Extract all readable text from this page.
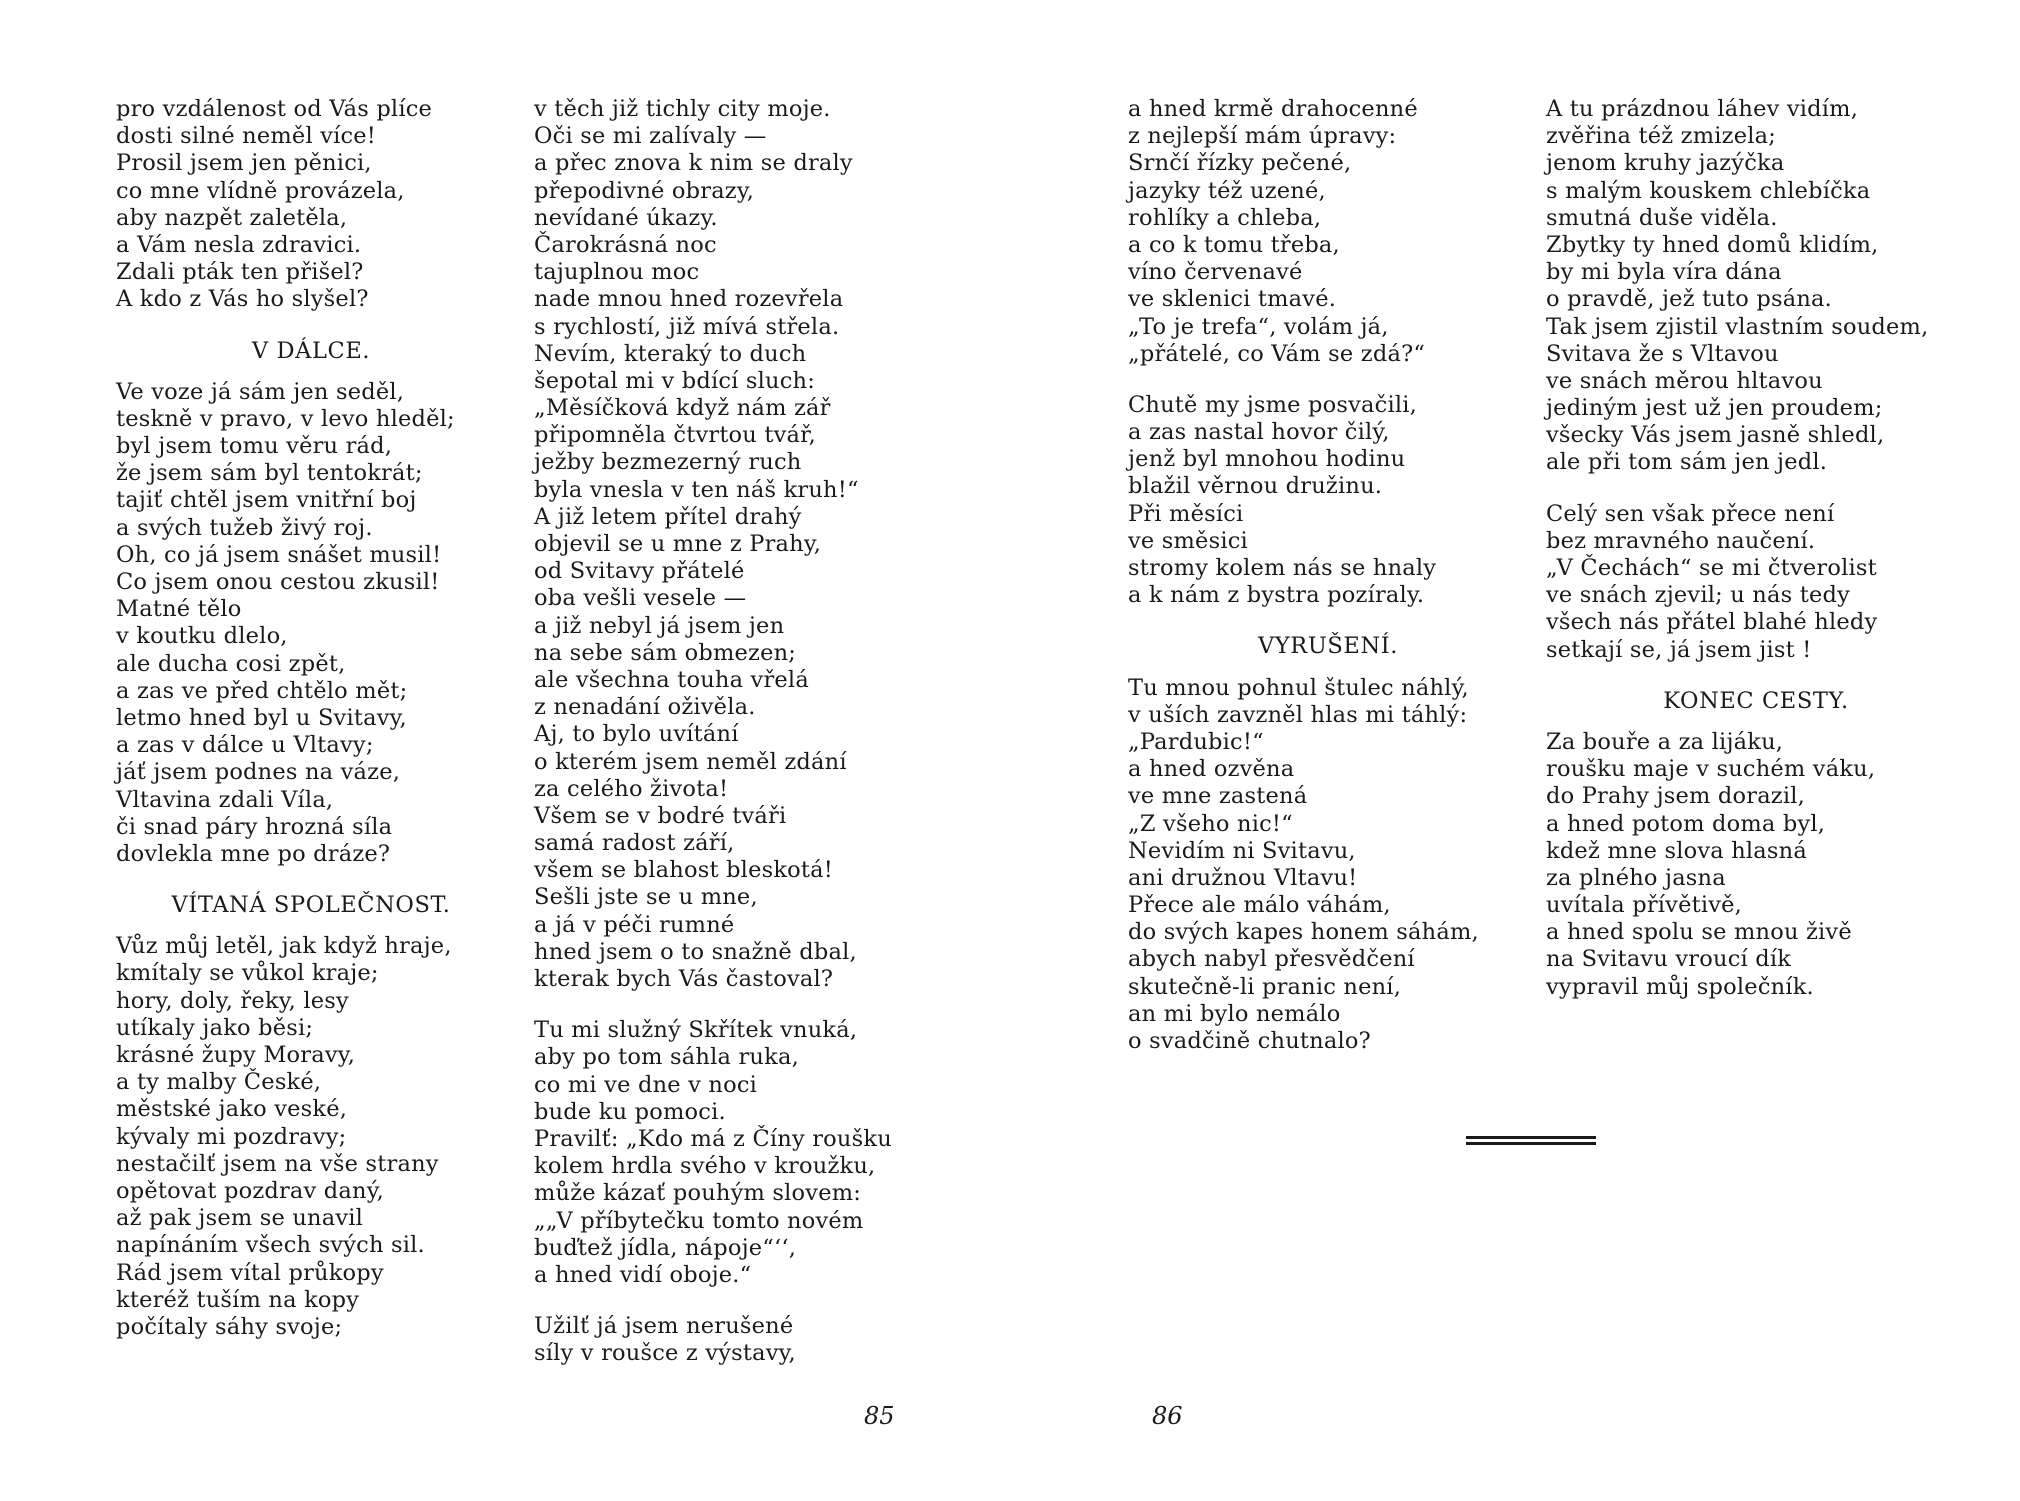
pro vzdálenost od Vás plíce
dosti silné neměl více!
Prosil jsem jen pěnici,
co mne vlídně provázela,
aby nazpět zaletěla,
a Vám nesla zdravici.
Zdali pták ten přišel?
A kdo z Vás ho slyšel?
V DÁLCE.
Ve voze já sám jen seděl,
teskně v pravo, v levo hleděl;
byl jsem tomu věru rád,
že jsem sám byl tentokrát;
tajiť chtěl jsem vnitřní boj
a svých tužeb živý roj.
Oh, co já jsem snášet musil!
Co jsem onou cestou zkusil!
Matné tělo
v koutku dlelo,
ale ducha cosi zpět,
a zas ve před chtělo mět;
letmo hned byl u Svitavy,
a zas v dálce u Vltavy;
jáť jsem podnes na váze,
Vltavina zdali Víla,
či snad páry hrozná síla
dovlekla mne po dráze?
VÍTANÁ SPOLEČNOST.
Vůz můj letěl, jak když hraje,
kmítaly se vůkol kraje;
hory, doly, řeky, lesy
utíkaly jako běsi;
krásné župy Moravy,
a ty malby České,
městské jako veské,
kývaly mi pozdravy;
nestačilť jsem na vše strany
opětovat pozdrav daný,
až pak jsem se unavil
napínáním všech svých sil.
Rád jsem vítal průkopy
kteréž tuším na kopy
počítaly sáhy svoje;
v těch již tichly city moje.
Oči se mi zalívaly —
a přec znova k nim se draly
přepodivné obrazy,
nevídané úkazy.
Čarokrásná noc
tajuplnou moc
nade mnou hned rozevřela
s rychlostí, již mívá střela.
Nevím, kteraký to duch
šepotal mi v bdící sluch:
„Měsíčková když nám zář
připomněla čtvrtou tvář,
ježby bezmezerný ruch
byla vnesla v ten náš kruh!“
A již letem přítel drahý
objevil se u mne z Prahy,
od Svitavy přátelé
oba vešli vesele —
a již nebyl já jsem jen
na sebe sám obmezen;
ale všechna touha vřelá
z nenadání oživěla.
Aj, to bylo uvítání
o kterém jsem neměl zdání
za celého života!
Všem se v bodré tváři
samá radost září,
všem se blahost bleskotá!
Sešli jste se u mne,
a já v péči rumné
hned jsem o to snažně dbal,
kterak bych Vás častoval?
Tu mi služný Skřítek vnuká,
aby po tom sáhla ruka,
co mi ve dne v noci
bude ku pomoci.
Pravilť: „Kdo má z Číny roušku
kolem hrdla svého v kroužku,
může kázať pouhým slovem:
„„V příbytečku tomto novém
buďtež jídla, nápoje“‘‘,
a hned vidí oboje.“
Užilť já jsem nerušené
síly v roušce z výstavy,
a hned krmě drahocenné
z nejlepší mám úpravy:
Srnčí řízky pečené,
jazyky též uzené,
rohlíky a chleba,
a co k tomu třeba,
víno červenavé
ve sklenici tmavé.
„To je trefa“, volám já,
„přátelé, co Vám se zdá?“
Chutě my jsme posvačili,
a zas nastal hovor čilý,
jenž byl mnohou hodinu
blažil věrnou družinu.
Při měsíci
ve směsici
stromy kolem nás se hnaly
a k nám z bystra pozíraly.
VYRUŠENÍ.
Tu mnou pohnul štulec náhlý,
v uších zavzněl hlas mi táhlý:
„Pardubic!“
a hned ozvěna
ve mne zastená
„Z všeho nic!“
Nevidím ni Svitavu,
ani družnou Vltavu!
Přece ale málo váhám,
do svých kapes honem sáhám,
abych nabyl přesvědčení
skutečně-li pranic není,
an mi bylo nemálo
o svadčině chutnalo?
A tu prázdnou láhev vidím,
zvěřina též zmizela;
jenom kruhy jazýčka
s malým kouskem chlebíčka
smutná duše viděla.
Zbytky ty hned domů klidím,
by mi byla víra dána
o pravdě, jež tuto psána.
Tak jsem zjistil vlastním soudem,
Svitava že s Vltavou
ve snách měrou hltavou
jediným jest už jen proudem;
všecky Vás jsem jasně shledl,
ale při tom sám jen jedl.
Celý sen však přece není
bez mravného naučení.
„V Čechách“ se mi čtverolist
ve snách zjevil; u nás tedy
všech nás přátel blahé hledy
setkají se, já jsem jist !
KONEC CESTY.
Za bouře a za lijáku,
roušku maje v suchém váku,
do Prahy jsem dorazil,
a hned potom doma byl,
kdež mne slova hlasná
za plného jasna
uvítala přívětivě,
a hned spolu se mnou živě
na Svitavu vroucí dík
vypravil můj společník.
85	86
